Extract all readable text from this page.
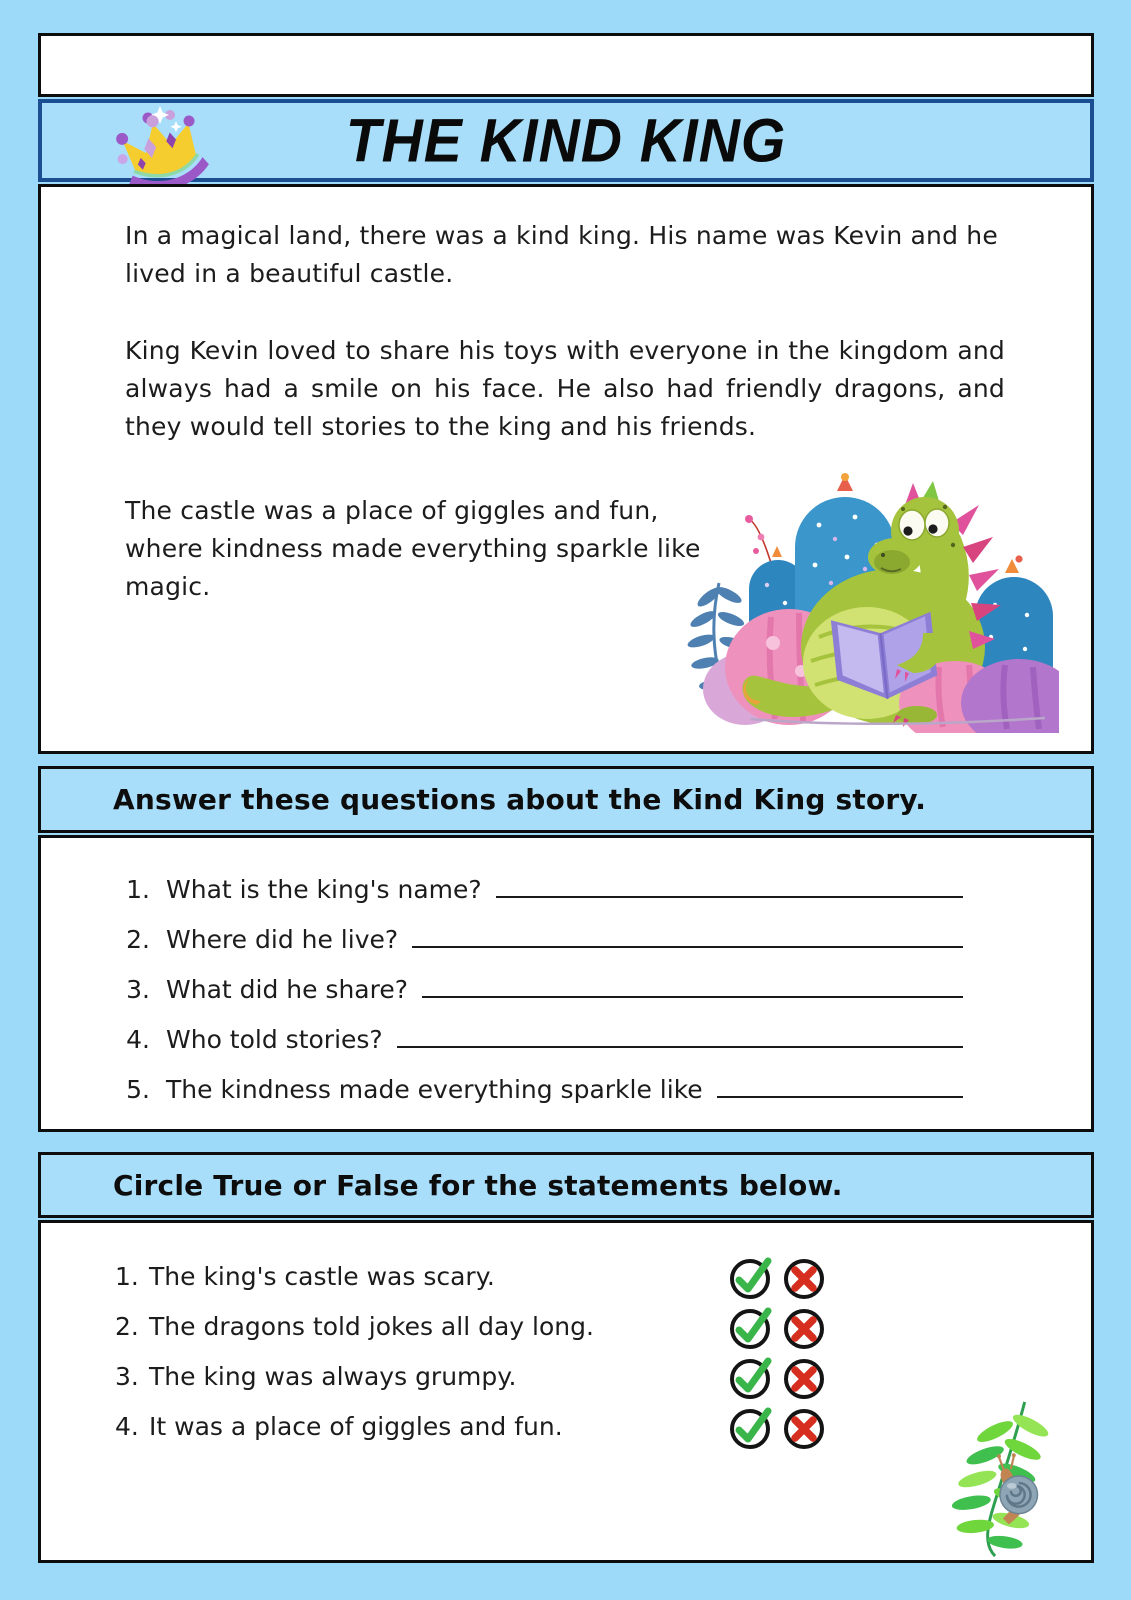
THE KIND KING

In a magical land, there was a kind king. His name was Kevin and he lived in a beautiful castle.

King Kevin loved to share his toys with everyone in the kingdom and always had a smile on his face. He also had friendly dragons, and they would tell stories to the king and his friends.

The castle was a place of giggles and fun, where kindness made everything sparkle like magic.

Answer these questions about the Kind King story.
1. What is the king's name?
2. Where did he live?
3. What did he share?
4. Who told stories?
5. The kindness made everything sparkle like
Circle True or False for the statements below.
1. The king's castle was scary.
2. The dragons told jokes all day long.
3. The king was always grumpy.
4. It was a place of giggles and fun.
